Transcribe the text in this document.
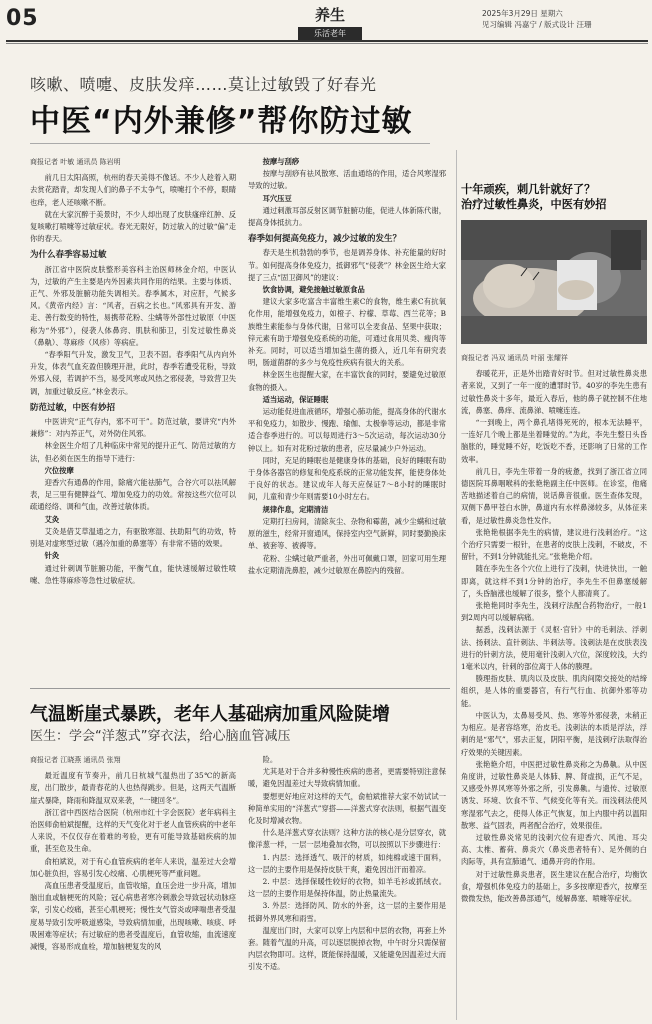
05	养生
乐活老年
2025年3月29日 星期六
见习编辑 冯嘉宁 / 版式设计 汪珊
咳嗽、喷嚏、皮肤发痒……莫让过敏毁了好春光
中医“内外兼修”帮你防过敏

商报记者 叶敏 通讯员 陈岩明

前几日太阳高照，杭州的春天美得不像话。不少人趁着入期去赏花踏青，却发现人们的鼻子不太争气，喷嚏打个不停，眼睛也痒，老人还咳嗽不断。

就在大家沉醉于美景时，不少人却出现了皮肤瘙痒红肿、反复咳嗽打喷嚏等过敏症状。春光无限好，防过敏入的过敏“偏”走你的春天。

为什么春季容易过敏

浙江省中医院皮肤整形美容科主治医师林金介绍，中医认为，过敏的产生主要是内外因素共同作用的结果。主要与体质、正气、外邪及脏腑功能失调相关。春季属木，对应肝，气候多风。《黄帝内经》言：“风者，百病之长也。”风邪具有开发、游走、善行数变的特性，易携带花粉、尘螨等外部性过敏原（中医称为“外邪”），侵袭人体鼻窍、肌肤和肺卫，引发过敏性鼻炎（鼻鼽）、荨麻疹（风疹）等病症。

“春季阳气升发，激发卫气，卫表不固。春季阳气从内向外升发，体表气血充盈但腠理开泄，此时，春季若遭受花粉，导致外邪入侵，若调护不当，易受风寒或风热之邪侵袭，导致营卫失调，加重过敏反应。”林金表示。

防范过敏，中医有妙招

中医讲究“正气存内，邪不可干”。防范过敏，要讲究“内外兼修”：对内养正气，对外防住风邪。

林金医生介绍了几种临床中常见的提升正气、防范过敏的方法，但必须在医生的指导下进行：

穴位按摩

迎香穴有通鼻的作用，除痛穴能祛肺气，合谷穴可以祛风解表，足三里有健脾益气、增加免疫力的功效。常按这些穴位可以疏通经络、调和气血，改善过敏体质。

艾灸

艾灸是借艾草温通之力，有驱散寒湿、扶助阳气的功效，特别是对虚寒型过敏（遇冷加重的鼻塞等）有非常不错的效果。

针灸

通过针刺调节脏腑功能，平衡气血，能快速缓解过敏性喷嚏、急性荨麻疹等急性过敏症状。

按摩与刮痧

按摩与刮痧有祛风散寒、活血通络的作用，适合风寒湿邪导致的过敏。

耳穴压豆

通过刺激耳部反射区调节脏腑功能，促进人体新陈代谢，提高身体抵抗力。

春季如何提高免疫力，减少过敏的发生？

春天是生机勃勃的季节，也是调养身体、补充能量的好时节。如何提高身体免疫力，抵御邪气“侵袭”？林金医生给大家提了三点“固卫御风”的建议：

饮食协调，避免接触过敏原食品

建议大家多吃富含丰富维生素C的食物，维生素C有抗氧化作用，能增强免疫力，如橙子、柠檬、草莓、西兰花等；B族维生素能参与身体代谢，日常可以全麦食品、坚果中获取；锌元素有助于增强免疫系统的功能，可通过食用贝类、瘦肉等补充。同时，可以适当增加益生菌的摄入，近几年有研究表明，肠道菌群的多少与免疫性疾病有很大的关系。

林金医生也提醒大家，在丰富饮食的同时，要避免过敏原食物的摄入。

适当运动，保证睡眠

运动能促进血液循环，增强心肺功能，提高身体的代谢水平和免疫力，如散步、慢跑、瑜伽、太极拳等运动，都是非常适合春季进行的。可以每周进行3～5次运动，每次运动30分钟以上。如有对花粉过敏的患者，应尽量减少户外运动。

同时，充足的睡眠也是健康身体的基础，良好的睡眠有助于身体各器官的修复和免疫系统的正常功能发挥，能使身体处于良好的状态。建议成年人每天应保证7～8小时的睡眠时间，儿童和青少年则需要10小时左右。

规律作息，定期清洁

定期打扫房间，清除灰尘、杂物和霉菌，减少尘螨和过敏原的滋生，经常开窗通风，保持室内空气新鲜，同时要勤换床单、被套等、被褥等。

花粉、尘螨过敏严重者，外出可佩戴口罩，回家可用生理盐水定期清洗鼻腔，减少过敏原在鼻腔内的残留。

十年顽疾，刺几针就好了？
治疗过敏性鼻炎，中医有妙招

商报记者 冯双 通讯员 叶丽 张耀祥

春暖花开，正是外出踏青好时节。但对过敏性鼻炎患者来说，又到了一年一度的遭罪时节。40岁的李先生患有过敏性鼻炎十多年，最近入春后，他的鼻子就控制不住地流，鼻塞、鼻痒、流鼻涕、喷嚏连连。

“一到晚上，两个鼻孔堵得死死的，根本无法睡平，一连好几个晚上都是坐着睡觉的。”为此，李先生整日头昏脑胀的，睡觉睡不好，吃饭吃不香，还影响了日常的工作效率。

前几日，李先生带着一身的疲惫，找到了浙江省立同德医院耳鼻咽喉科的张艳艳副主任中医师。在诊室，他痛苦地描述着自己的病情，说话鼻音很重。医生查体发现，双侧下鼻甲苍白水肿，鼻道内有水样鼻涕较多，从体征来看，是过敏性鼻炎急性发作。

张艳艳根据李先生的病情，建议进行浅刺治疗。“这个治疗只需要一根针，在患者的皮肤上浅刺，不破皮，不留针，不到1分钟就能扎完。”张艳艳介绍。

随在李先生各个穴位上进行了浅刺，快进快出，一触即离，就这样不到1分钟的治疗，李先生不但鼻塞缓解了，头昏脑涨也缓解了很多，整个人都清爽了。

张艳艳同时李先生，浅刺疗法配合药物治疗，一般1到2周内可以缓解病痛。

据悉，浅刺法源于《灵枢·官针》中的毛刺法、浮刺法、扬刺法、直针刺法、半刺法等。浅刺法是在皮肤表浅进行的针刺方法，使用毫针浅刺入穴位，深度较浅，大约1毫米以内，针刺的部位离于人体的腠理。

腠理指皮肤、肌肉以及皮肤、肌肉间隙交接处的结缔组织，是人体的重要器官，有行气行血、抗御外邪等功能。

中医认为，太鼻易受风、热、寒等外邪侵袭，未稍正为相应。是者容络寒，治皮毛。浅刺法的本质是浮法，浮刺的是“邪气”，邪去正复，阴阳平衡，是浅刺疗法取得治疗效果的关键因素。

张艳艳介绍，中医把过敏性鼻炎称之为鼻鼽。从中医角度讲，过敏性鼻炎是人体肺、脾、肾虚损，正气不足，又感受外界风寒等外邪之所，引发鼻鼽。与遗传、过敏原诱发、环境、饮食不节、气候变化等有关。而浅刺法使风寒湿邪气去之，使得人体正气恢复，加上内服中药以温阳散寒、益气固表，两者配合治疗，效果很佳。

过敏性鼻炎常见的浅刺穴位有迎香穴、风池、耳尖高、太椎、蓄荷、鼻炎穴（鼻炎患者特有）、足外侧的白肉际等，具有宣肺通气、通鼻开窍的作用。

对于过敏性鼻炎患者，医生建议在配合治疗，均衡饮食，增强机体免疫力的基础上，多多按摩迎香穴，按摩至微微发热，能改善鼻部通气，缓解鼻塞、喷嚏等症状。

气温断崖式暴跌，老年人基础病加重风险陡增
医生：学会“洋葱式”穿衣法，给心脑血管减压

商报记者 江晓燕 通讯员 张翔

最近温度有节奏升，前几日杭城气温热出了35℃的新高度，出门散步，最青春花的人也热得跳步。但是，这两天气温断崖式暴降，降雨和降温双双来袭，“一键回冬”。

浙江省中西医结合医院（杭州市红十字会医院）老年病科主治医师俞柏斌提醒，这样的天气变化对于老人血管疾病的中老年人来说，不仅仅存在着难的考验，更有可能导致基础疾病的加重，甚至危及生命。

俞柏斌说，对于有心血管疾病的老年人来说，温差过大会增加心脏负担，容易引发心绞痛、心肌梗死等严重问题。

高血压患者受温度后，血管收缩，血压会进一步升高，增加脑出血或脑梗死的风险；冠心病患者寒冷刺激会导致冠状动脉痉挛，引发心绞痛，甚至心肌梗死；慢性支气管炎或哮喘患者受温度易导致引发呼吸道感染，导致病情加重，出现咳嗽、咳痰、呼吸困难等症状；有过敏症的患者受温度后，血管收缩，血流速度减慢，容易形成血栓，增加脑梗复发的风

险。

尤其是对于合并多种慢性疾病的患者，更需要特别注意保暖，避免因温差过大导致病情加重。

要想更好地应对这样的天气，俞柏斌推荐大家不妨试试一种简单实用的“洋葱式”穿搭——洋葱式穿衣法则，根据气温变化及时增减衣物。

什么是洋葱式穿衣法则？这种方法的核心是分层穿衣，就像洋葱一样，一层一层地叠加衣物，可以按照以下步骤进行：

1. 内层：选择透气、吸汗的材质，如纯棉或速干面料，这一层的主要作用是保持皮肤干爽，避免因出汗而着凉。

2. 中层：选择保暖性较好的衣物，如羊毛衫或抓绒衣。这一层的主要作用是保持体温，防止热量流失。

3. 外层：选择防风、防水的外套，这一层的主要作用是抵御外界风寒和雨雪。

温度出门时，大家可以穿上内层和中层的衣物，再套上外套。随着气温的升高，可以逐层脱掉衣物，中午时分只需保留内层衣物即可。这样，既能保持温暖，又能避免因温差过大而引发不适。
